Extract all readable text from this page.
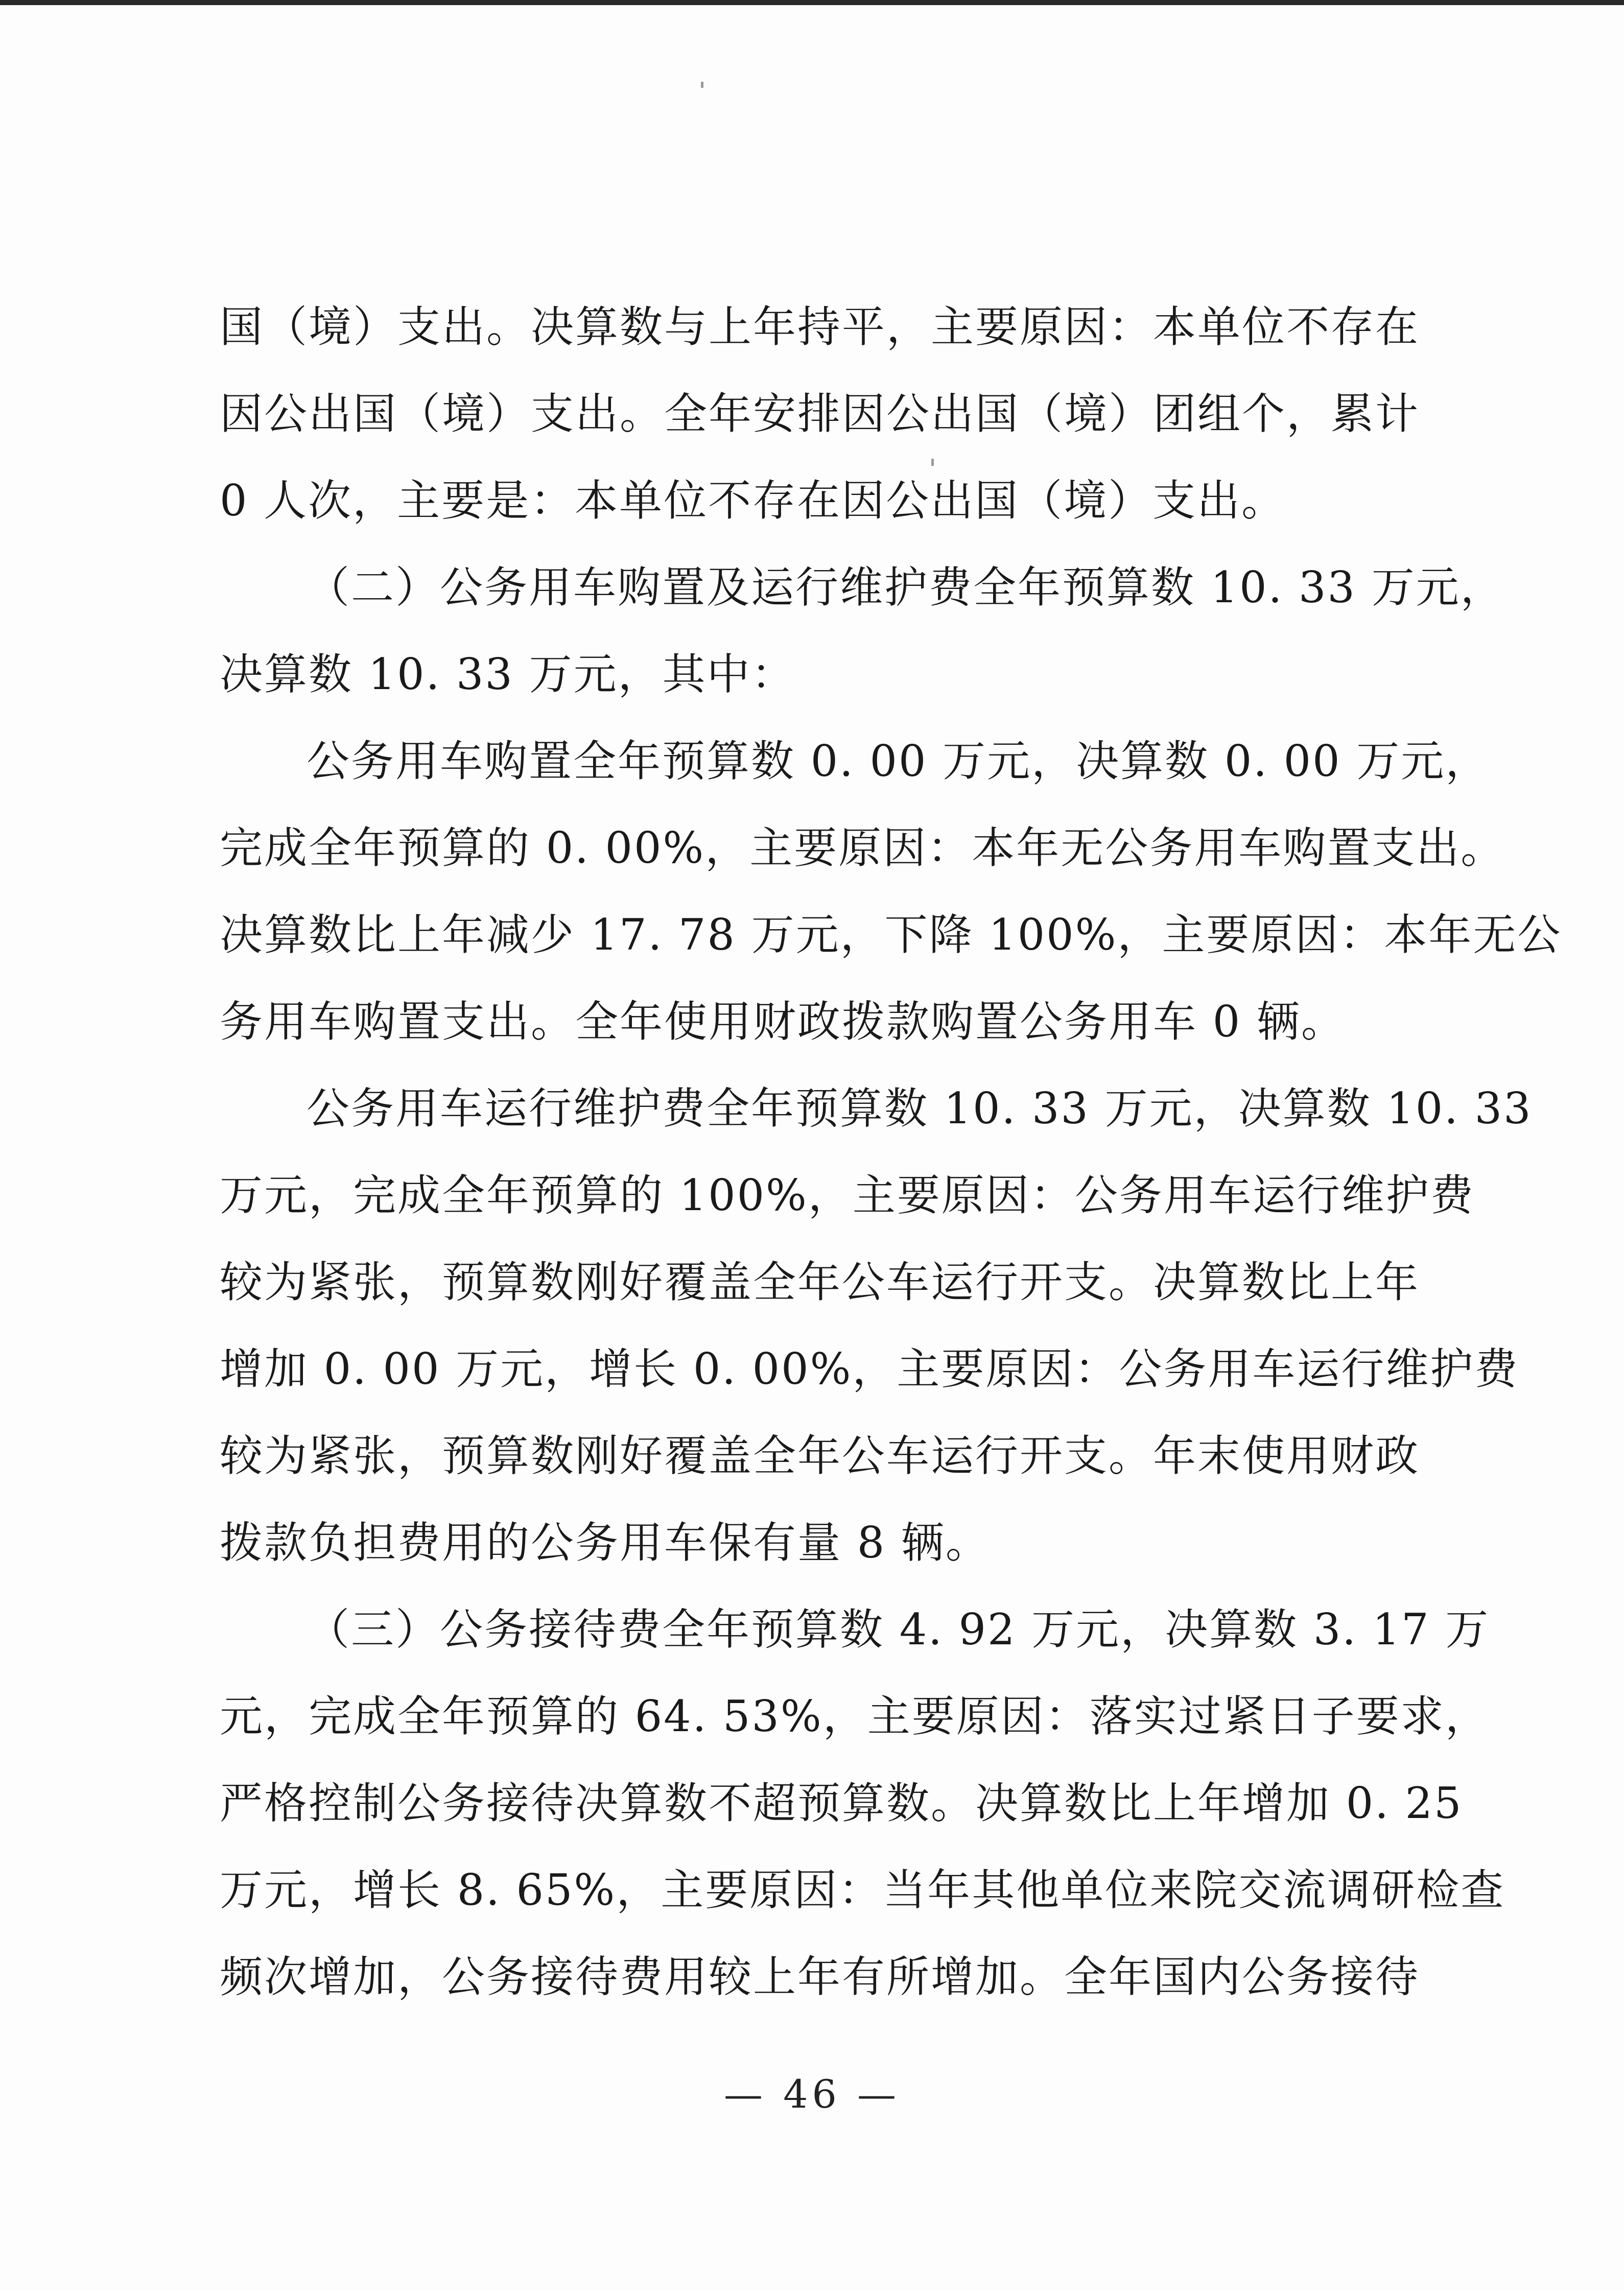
国（境）支出。决算数与上年持平，主要原因：本单位不存在
因公出国（境）支出。全年安排因公出国（境）团组个，累计
0 人次，主要是：本单位不存在因公出国（境）支出。
（二）公务用车购置及运行维护费全年预算数 10. 33 万元，
决算数 10. 33 万元，其中：
公务用车购置全年预算数 0. 00 万元，决算数 0. 00 万元，
完成全年预算的 0. 00%，主要原因：本年无公务用车购置支出。
决算数比上年减少 17. 78 万元，下降 100%，主要原因：本年无公
务用车购置支出。全年使用财政拨款购置公务用车 0 辆。
公务用车运行维护费全年预算数 10. 33 万元，决算数 10. 33
万元，完成全年预算的 100%，主要原因：公务用车运行维护费
较为紧张，预算数刚好覆盖全年公车运行开支。决算数比上年
增加 0. 00 万元，增长 0. 00%，主要原因：公务用车运行维护费
较为紧张，预算数刚好覆盖全年公车运行开支。年末使用财政
拨款负担费用的公务用车保有量 8 辆。
（三）公务接待费全年预算数 4. 92 万元，决算数 3. 17 万
元，完成全年预算的 64. 53%，主要原因：落实过紧日子要求，
严格控制公务接待决算数不超预算数。决算数比上年增加 0. 25
万元，增长 8. 65%，主要原因：当年其他单位来院交流调研检查
频次增加，公务接待费用较上年有所增加。全年国内公务接待
— 46 —
